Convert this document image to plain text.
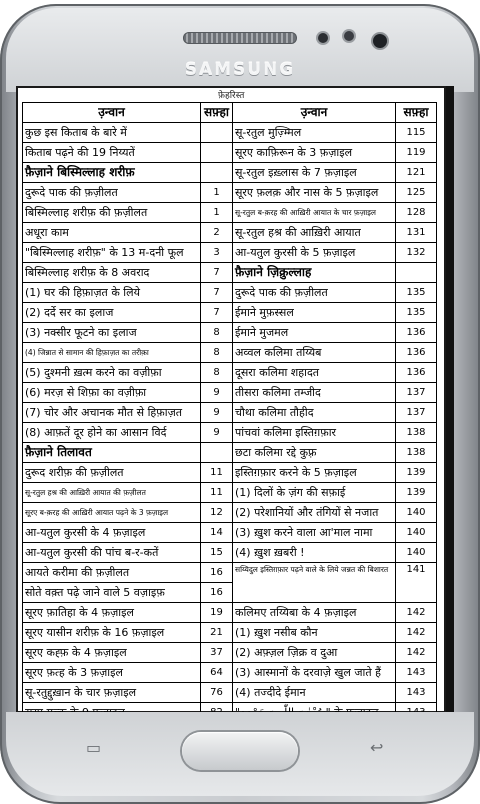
SAMSUNG
फ़ेहरिस्त
उ़न्वान	सफ़्हा	उ़न्वान	सफ़्हा
कुछ इस किताब के बारे में		सू-रतुल मुज़्म्मिल	115
किताब पढ़ने की 19 निय्यतें		सूरए काफ़िरून के 3 फ़ज़ाइल	119
फ़ैज़ाने बिस्मिल्लाह शरीफ़		सू-रतुल इख़्लास के 7 फ़ज़ाइल	121
दुरूदे पाक की फ़ज़ीलत	1	सूरए फ़लक़ और नास के 5 फ़ज़ाइल	125
बिस्मिल्लाह शरीफ़ की फ़ज़ीलत	1	सू-रतुल ब-क़रह की आख़िरी आयात के चार फ़ज़ाइल	128
अधूरा काम	2	सू-रतुल हश्र की आख़िरी आयात	131
"बिस्मिल्लाह शरीफ़" के 13 म-दनी फूल	3	आ-यतुल कुरसी के 5 फ़ज़ाइल	132
बिस्मिल्लाह शरीफ़ के 8 अवराद	7	फ़ैज़ाने ज़िक्रुल्लाह	
(1) घर की हिफ़ाज़त के लिये	7	दुरूदे पाक की फ़ज़ीलत	135
(2) दर्दे सर का इलाज	7	ईमाने मुफ़स्सल	135
(3) नक्सीर फूटने का इलाज	8	ईमाने मुजमल	136
(4) जिन्नात से सामान की हिफ़ाज़त का तरीक़ा	8	अव्वल कलिमा तय्यिब	136
(5) दुश्मनी ख़त्म करने का वज़ीफ़ा	8	दूसरा कलिमा शहादत	136
(6) मरज़ से शिफ़ा का वज़ीफ़ा	9	तीसरा कलिमा तम्जीद	137
(7) चोर और अचानक मौत से हिफ़ाज़त	9	चौथा कलिमा तौहीद	137
(8) आफ़तें दूर होने का आसान विर्द	9	पांचवां कलिमा इस्तिग़फ़ार	138
फ़ैज़ाने तिलावत		छटा कलिमा रद्दे कुफ़्र	138
दुरूद शरीफ़ की फ़ज़ीलत	11	इस्तिग़फ़ार करने के 5 फ़ज़ाइल	139
सू-रतुल हश्र की आख़िरी आयात की फ़ज़ीलत	11	(1) दिलों के ज़ंग की सफ़ाई	139
सूरए ब-क़रह की आख़िरी आयात पढ़ने के 3 फ़ज़ाइल	12	(2) परेशानियों और तंगियों से नजात	140
आ-यतुल कुरसी के 4 फ़ज़ाइल	14	(3) ख़ुश करने वाला आ'माल नामा	140
आ-यतुल कुरसी की पांच ब-र-कतें	15	(4) ख़ुश ख़बरी !	140
आयते करीमा की फ़ज़ीलत	16	सय्यिदुल इस्तिग़फ़ार पढ़ने वाले के लिये जन्नत की बिशारत	141
सोते वक़्त पढ़े जाने वाले 5 वज़ाइफ़	16		
सूरए फ़ातिहा के 4 फ़ज़ाइल	19	कलिमए तय्यिबा के 4 फ़ज़ाइल	142
सूरए यासीन शरीफ़ के 16 फ़ज़ाइल	21	(1) ख़ुश नसीब कौन	142
सूरए कह्फ़ के 4 फ़ज़ाइल	37	(2) अफ़्ज़ल ज़िक्र व दुआ	142
सूरए फ़त्ह के 3 फ़ज़ाइल	64	(3) आस्मानों के दरवाज़े खुल जाते हैं	143
सू-रतुद्दुख़ान के चार फ़ज़ाइल	76	(4) तज्दीदे ईमान	143

▭	↩
